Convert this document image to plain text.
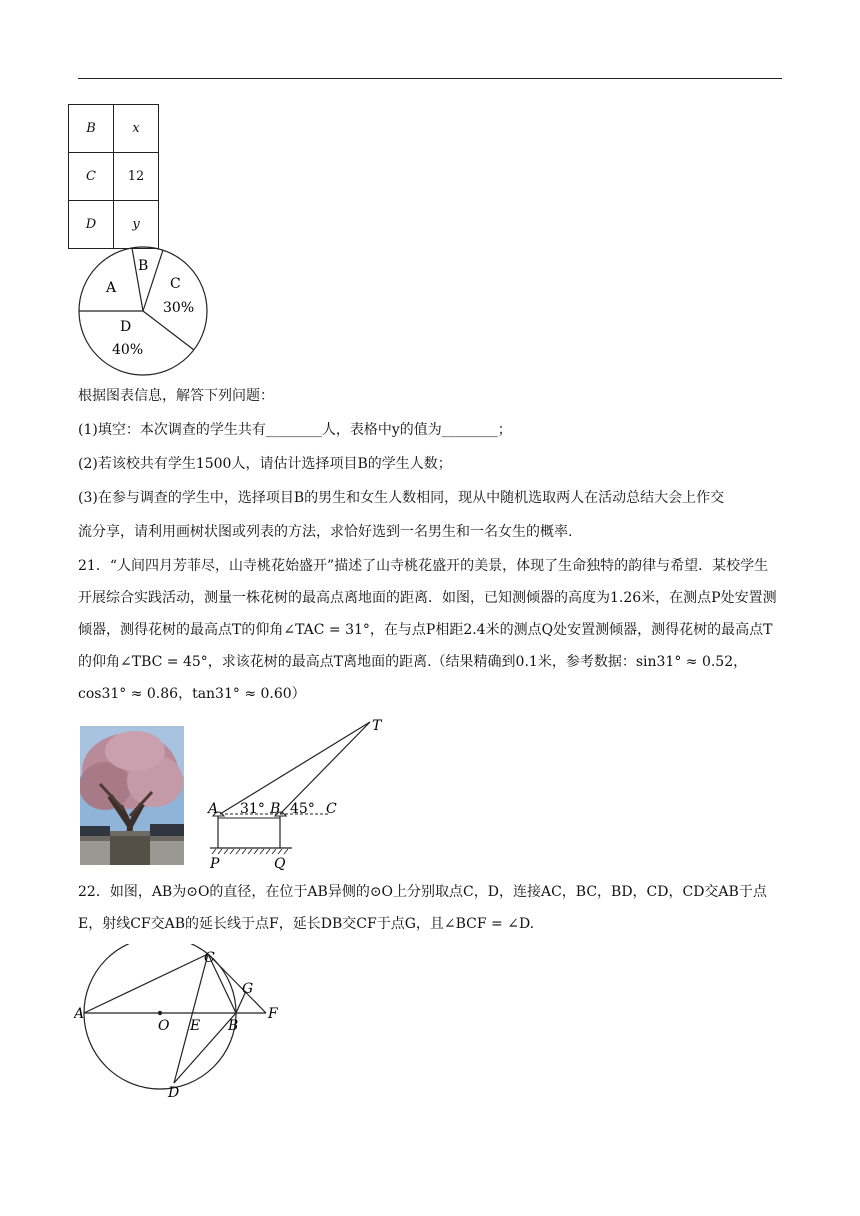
B	x
C	12
D	y
A
B
C
30%
D
40%
根据图表信息，解答下列问题：
(1)填空：本次调查的学生共有________人，表格中y的值为________；
(2)若该校共有学生1500人，请估计选择项目B的学生人数；
(3)在参与调查的学生中，选择项目B的男生和女生人数相同，现从中随机选取两人在活动总结大会上作交
流分享，请利用画树状图或列表的方法，求恰好选到一名男生和一名女生的概率.
21．“人间四月芳菲尽，山寺桃花始盛开”描述了山寺桃花盛开的美景，体现了生命独特的韵律与希望．某校学生开展综合实践活动，测量一株花树的最高点离地面的距离．如图，已知测倾器的高度为1.26米，在测点P处安置测倾器，测得花树的最高点T的仰角∠TAC = 31°，在与点P相距2.4米的测点Q处安置测倾器，测得花树的最高点T的仰角∠TBC = 45°，求该花树的最高点T离地面的距离.（结果精确到0.1米，参考数据：sin31° ≈ 0.52，cos31° ≈ 0.86，tan31° ≈ 0.60）
T
A 31° B 45° C
P	Q
22．如图，AB为⊙O的直径，在位于AB异侧的⊙O上分别取点C，D，连接AC，BC，BD，CD，CD交AB于点E，射线CF交AB的延长线于点F，延长DB交CF于点G，且∠BCF = ∠D.
C
G
A
O E B
F
D
